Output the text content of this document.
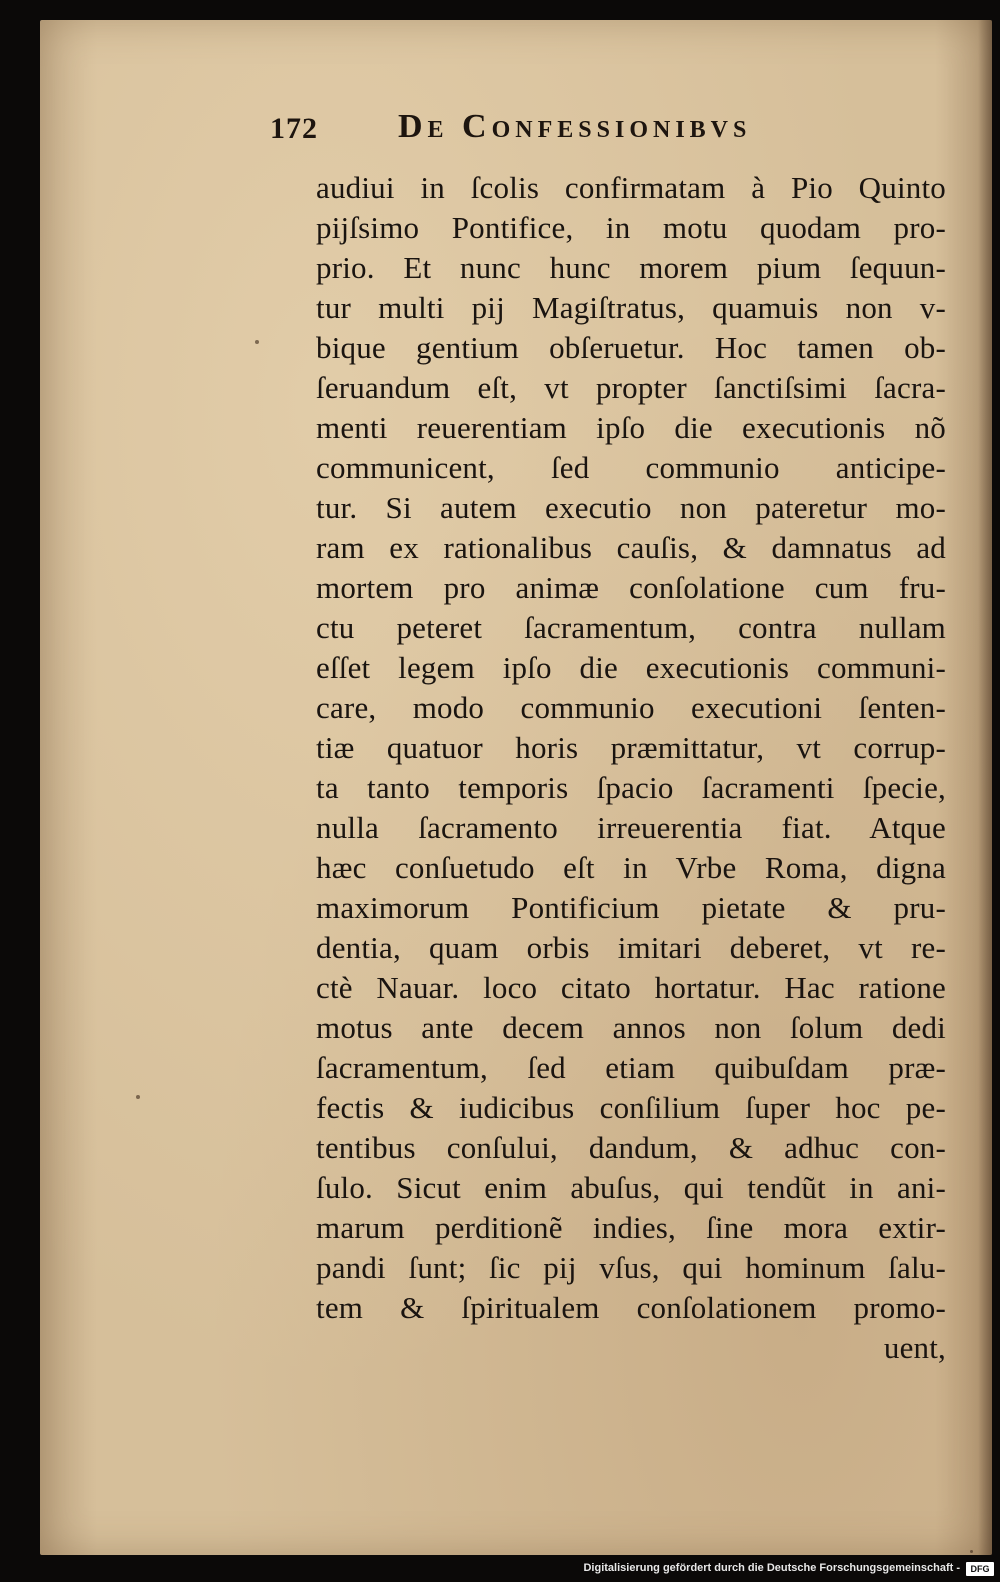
172 De Confessionibvs
audiui in ſcolis confirmatam à Pio Quinto
pijſsimo Pontifice, in motu quodam pro-
prio. Et nunc hunc morem pium ſequun-
tur multi pij Magiſtratus, quamuis non v-
bique gentium obſeruetur. Hoc tamen ob-
ſeruandum eſt, vt propter ſanctiſsimi ſacra-
menti reuerentiam ipſo die executionis nõ
communicent, ſed communio anticipe-
tur. Si autem executio non pateretur mo-
ram ex rationalibus cauſis, & damnatus ad
mortem pro animæ conſolatione cum fru-
ctu peteret ſacramentum, contra nullam
eſſet legem ipſo die executionis communi-
care, modo communio executioni ſenten-
tiæ quatuor horis præmittatur, vt corrup-
ta tanto temporis ſpacio ſacramenti ſpecie,
nulla ſacramento irreuerentia fiat. Atque
hæc conſuetudo eſt in Vrbe Roma, digna
maximorum Pontificium pietate & pru-
dentia, quam orbis imitari deberet, vt re-
ctè Nauar. loco citato hortatur. Hac ratione
motus ante decem annos non ſolum dedi
ſacramentum, ſed etiam quibuſdam præ-
fectis & iudicibus conſilium ſuper hoc pe-
tentibus conſului, dandum, & adhuc con-
ſulo. Sicut enim abuſus, qui tendũt in ani-
marum perditionẽ indies, ſine mora extir-
pandi ſunt; ſic pij vſus, qui hominum ſalu-
tem & ſpiritualem conſolationem promo-
uent,
Digitalisierung gefördert durch die Deutsche Forschungsgemeinschaft -	DFG
